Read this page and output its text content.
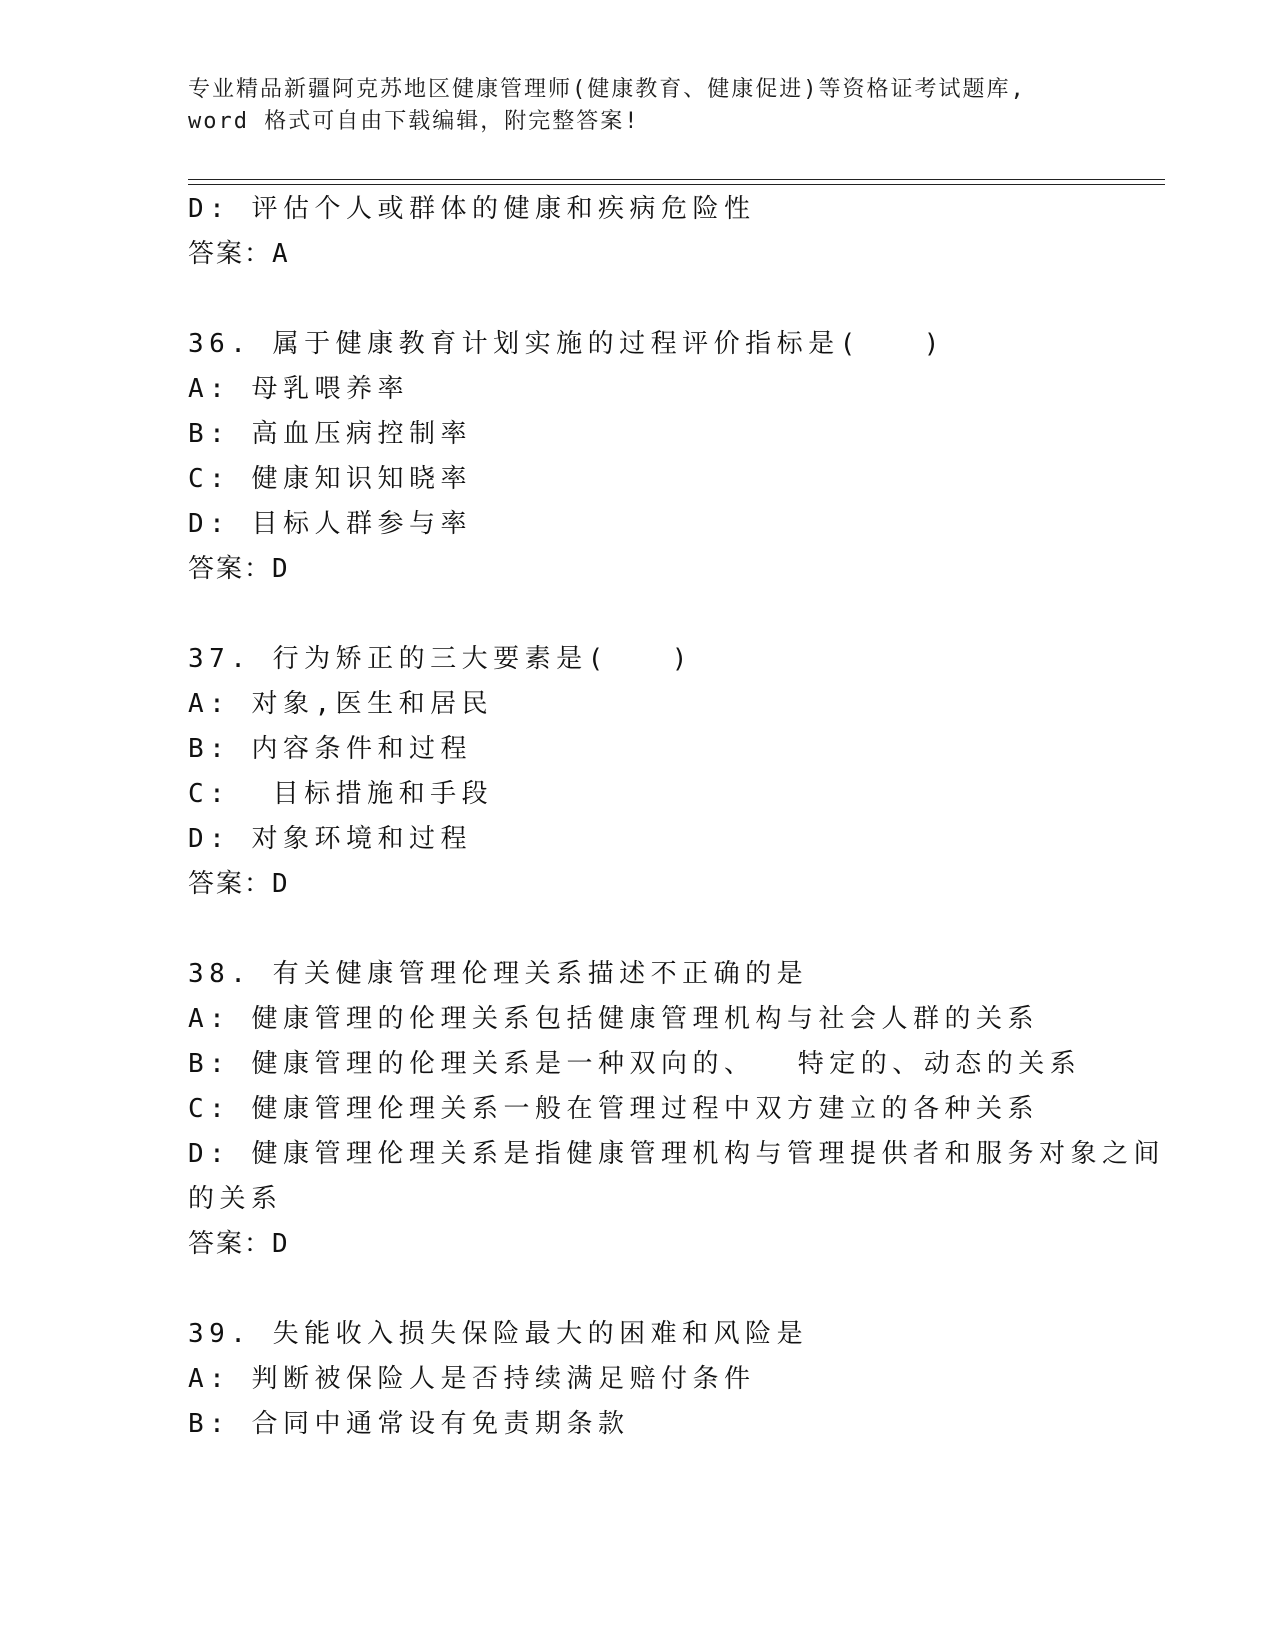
专业精品新疆阿克苏地区健康管理师(健康教育、健康促进)等资格证考试题库,
word 格式可自由下载编辑，附完整答案!
D: 评估个人或群体的健康和疾病危险性
答案：A
36. 属于健康教育计划实施的过程评价指标是(　　)
A: 母乳喂养率
B: 高血压病控制率
C: 健康知识知晓率
D: 目标人群参与率
答案：D
37. 行为矫正的三大要素是(　　)
A: 对象,医生和居民
B: 内容条件和过程
C:  目标措施和手段
D: 对象环境和过程
答案：D
38. 有关健康管理伦理关系描述不正确的是
A: 健康管理的伦理关系包括健康管理机构与社会人群的关系
B: 健康管理的伦理关系是一种双向的、  特定的、动态的关系
C: 健康管理伦理关系一般在管理过程中双方建立的各种关系
D: 健康管理伦理关系是指健康管理机构与管理提供者和服务对象之间
的关系
答案：D
39. 失能收入损失保险最大的困难和风险是
A: 判断被保险人是否持续满足赔付条件
B: 合同中通常设有免责期条款
